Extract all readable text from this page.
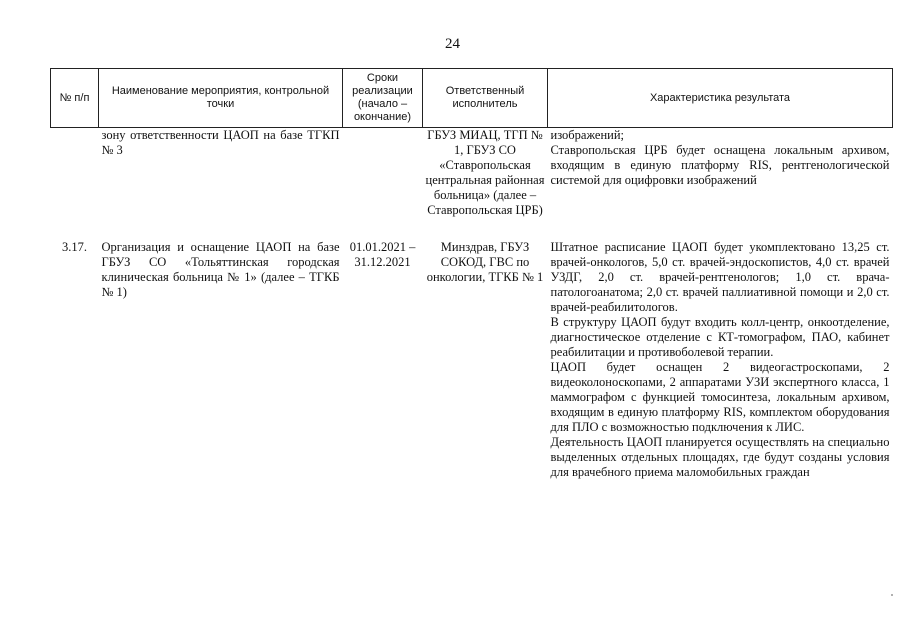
24
№ п/п	Наименование мероприятия, контрольной точки	Сроки реализации (начало – окончание)	Ответственный исполнитель	Характеристика результата
	зону ответственности ЦАОП на базе ТГКП № 3		ГБУЗ МИАЦ, ТГП № 1, ГБУЗ СО «Ставропольская центральная районная больница» (далее – Ставропольская ЦРБ)	изображений;
Ставропольская ЦРБ будет оснащена локальным архивом, входящим в единую платформу RIS, рентгенологической системой для оцифровки изображений

3.17.	Организация и оснащение ЦАОП на базе ГБУЗ СО «Тольяттинская городская клиническая больница № 1» (далее – ТГКБ № 1)	01.01.2021 – 31.12.2021	Минздрав, ГБУЗ СОКОД, ГВС по онкологии, ТГКБ № 1	Штатное расписание ЦАОП будет укомплектовано 13,25 ст. врачей-онкологов, 5,0 ст. врачей-эндоскопистов, 4,0 ст. врачей УЗДГ, 2,0 ст. врачей-рентгенологов; 1,0 ст. врача-патологоанатома; 2,0 ст. врачей паллиативной помощи и 2,0 ст. врачей-реабилитологов.
В структуру ЦАОП будут входить колл-центр, онкоотделение, диагностическое отделение с КТ-томографом, ПАО, кабинет реабилитации и противоболевой терапии.
ЦАОП будет оснащен 2 видеогастроскопами, 2 видеоколоноскопами, 2 аппаратами УЗИ экспертного класса, 1 маммографом с функцией томосинтеза, локальным архивом, входящим в единую платформу RIS, комплектом оборудования для ПЛО с возможностью подключения к ЛИС.
Деятельность ЦАОП планируется осуществлять на специально выделенных отдельных площадях, где будут созданы условия для врачебного приема маломобильных граждан
